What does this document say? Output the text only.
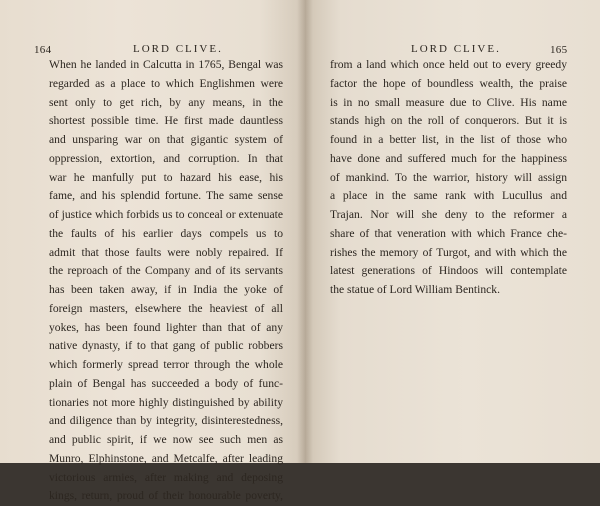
164	LORD CLIVE.
When he landed in Calcutta in 1765, Bengal was
regarded as a place to which Englishmen were
sent only to get rich, by any means, in the
shortest possible time. He first made dauntless
and unsparing war on that gigantic system of
oppression, extortion, and corruption. In that
war he manfully put to hazard his ease, his
fame, and his splendid fortune. The same sense
of justice which forbids us to conceal or extenuate
the faults of his earlier days compels us to
admit that those faults were nobly repaired. If
the reproach of the Company and of its servants
has been taken away, if in India the yoke of
foreign masters, elsewhere the heaviest of all
yokes, has been found lighter than that of any
native dynasty, if to that gang of public robbers
which formerly spread terror through the whole
plain of Bengal has succeeded a body of func-
tionaries not more highly distinguished by ability
and diligence than by integrity, disinterestedness,
and public spirit, if we now see such men as
Munro, Elphinstone, and Metcalfe, after leading
victorious armies, after making and deposing
kings, return, proud of their honourable poverty,
LORD CLIVE.	165
from a land which once held out to every greedy
factor the hope of boundless wealth, the praise
is in no small measure due to Clive. His name
stands high on the roll of conquerors. But it is
found in a better list, in the list of those who
have done and suffered much for the happiness
of mankind. To the warrior, history will assign
a place in the same rank with Lucullus and
Trajan. Nor will she deny to the reformer a
share of that veneration with which France che-
rishes the memory of Turgot, and with which the
latest generations of Hindoos will contemplate
the statue of Lord William Bentinck.
